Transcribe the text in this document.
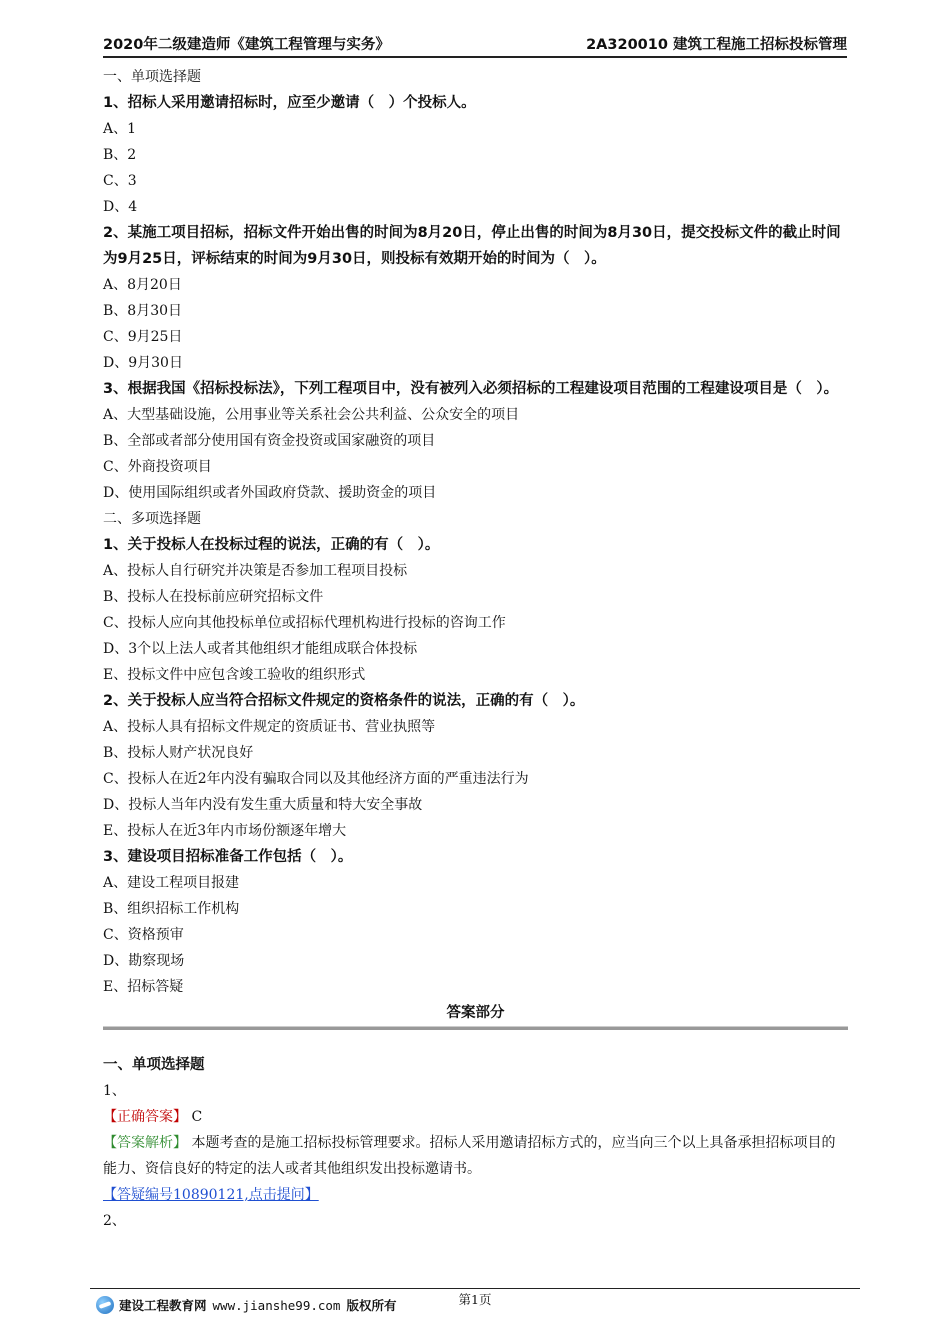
2020年二级建造师《建筑工程管理与实务》	2A320010 建筑工程施工招标投标管理
一、单项选择题
1、招标人采用邀请招标时，应至少邀请（　）个投标人。
A、1
B、2
C、3
D、4
2、某施工项目招标，招标文件开始出售的时间为8月20日，停止出售的时间为8月30日，提交投标文件的截止时间为9月25日，评标结束的时间为9月30日，则投标有效期开始的时间为（　）。
A、8月20日
B、8月30日
C、9月25日
D、9月30日
3、根据我国《招标投标法》，下列工程项目中，没有被列入必须招标的工程建设项目范围的工程建设项目是（　）。
A、大型基础设施，公用事业等关系社会公共利益、公众安全的项目
B、全部或者部分使用国有资金投资或国家融资的项目
C、外商投资项目
D、使用国际组织或者外国政府贷款、援助资金的项目
二、多项选择题
1、关于投标人在投标过程的说法，正确的有（　）。
A、投标人自行研究并决策是否参加工程项目投标
B、投标人在投标前应研究招标文件
C、投标人应向其他投标单位或招标代理机构进行投标的咨询工作
D、3个以上法人或者其他组织才能组成联合体投标
E、投标文件中应包含竣工验收的组织形式
2、关于投标人应当符合招标文件规定的资格条件的说法，正确的有（　）。
A、投标人具有招标文件规定的资质证书、营业执照等
B、投标人财产状况良好
C、投标人在近2年内没有骗取合同以及其他经济方面的严重违法行为
D、投标人当年内没有发生重大质量和特大安全事故
E、投标人在近3年内市场份额逐年增大
3、建设项目招标准备工作包括（　）。
A、建设工程项目报建
B、组织招标工作机构
C、资格预审
D、勘察现场
E、招标答疑
答案部分
一、单项选择题
1、
【正确答案】 C
【答案解析】 本题考查的是施工招标投标管理要求。招标人采用邀请招标方式的，应当向三个以上具备承担招标项目的能力、资信良好的特定的法人或者其他组织发出投标邀请书。
【答疑编号10890121,点击提问】
2、
第1页
建设工程教育网 www.jianshe99.com 版权所有
